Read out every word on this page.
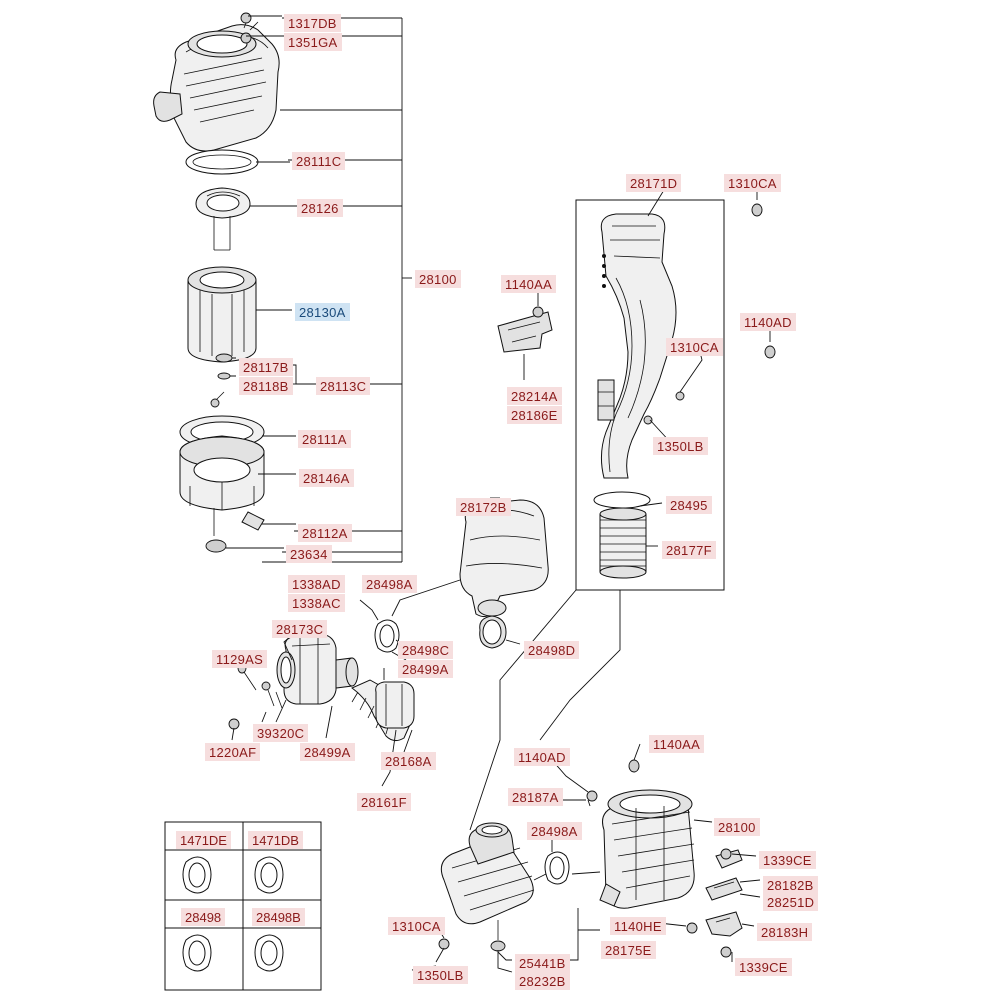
1317DB
1351GA
28111C
28126
28100
28130A
28117B
28118B	28113C
28111A
28146A
28112A
23634
28171D	1310CA
1140AA
1140AD
1310CA
28214A
28186E
1350LB
28495
28177F
28172B
1338AD
1338AC
28498A
28173C
1129AS
28498C
28499A
28498D
39320C
1220AF	28499A
28168A
28161F
1140AD
1140AA
28187A
28498A	28100
1339CE
28182B
28251D
28183H
1339CE
1310CA
1350LB
1140HE
28175E
25441B
28232B
1471DE	1471DB
28498	28498B
